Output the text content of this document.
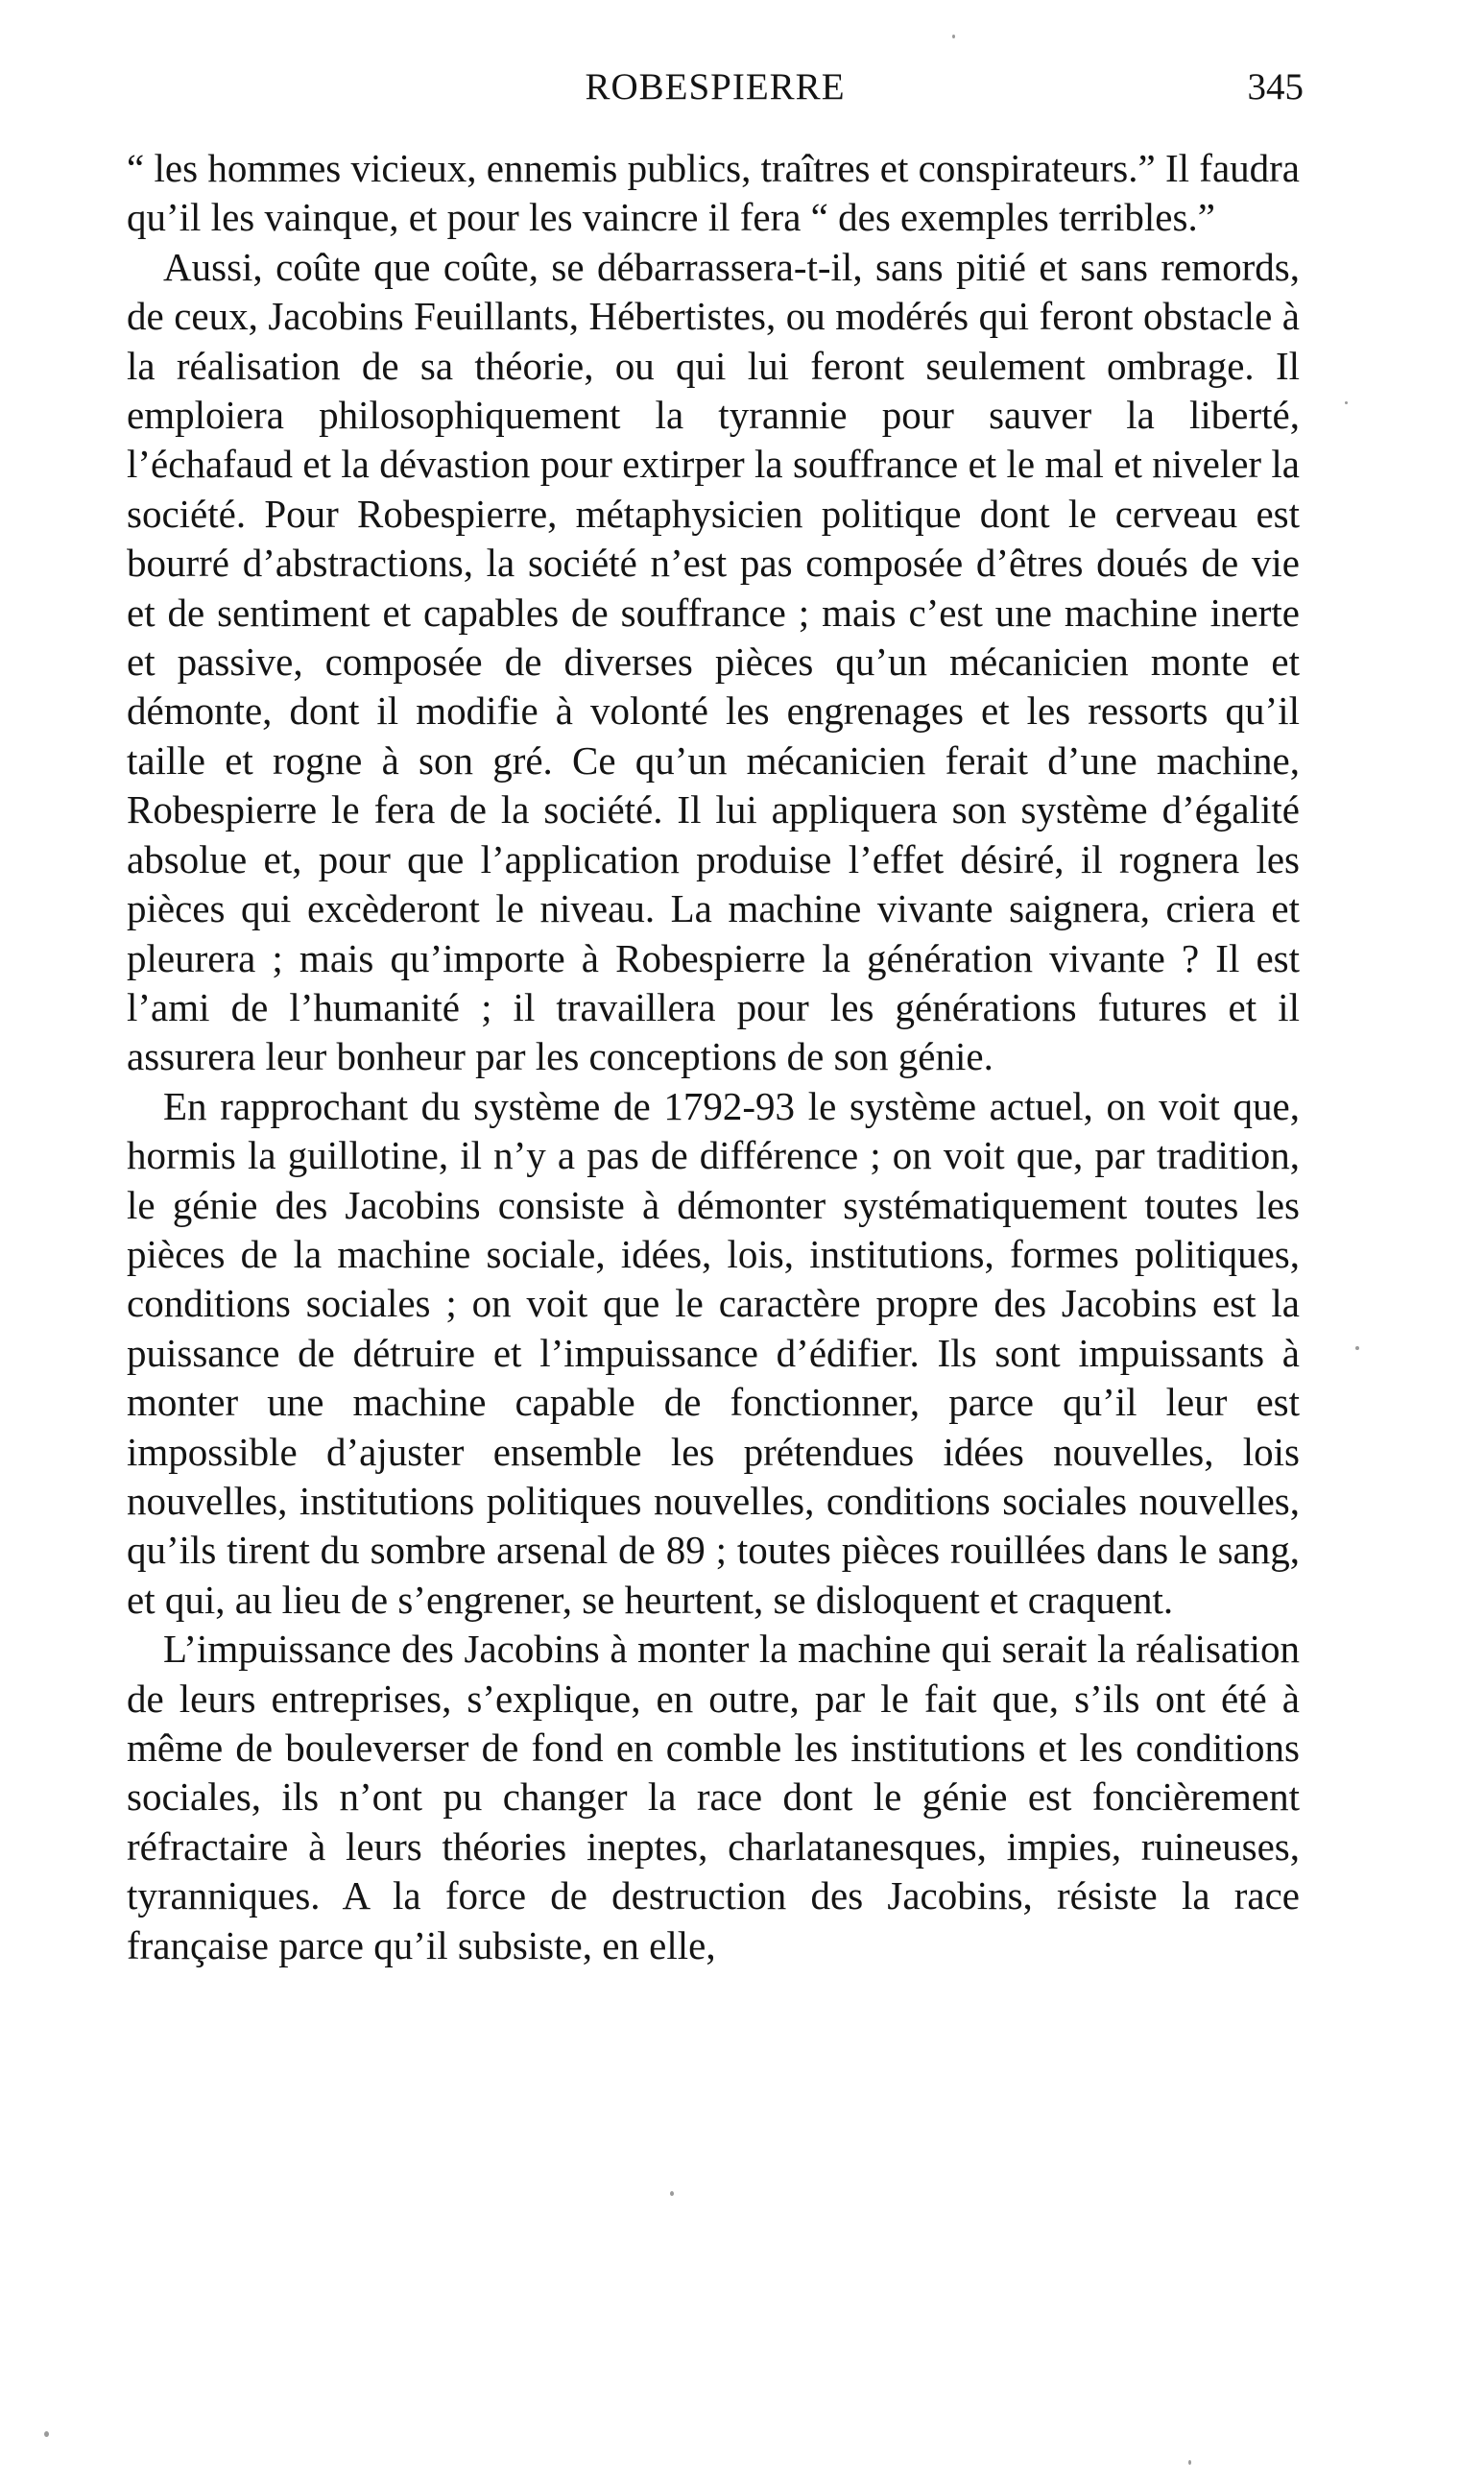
ROBESPIERRE	345

“ les hommes vicieux, ennemis publics, traîtres et conspirateurs.” Il faudra qu’il les vainque, et pour les vaincre il fera “ des exemples terribles.”

Aussi, coûte que coûte, se débarrassera-t-il, sans pitié et sans remords, de ceux, Jacobins Feuillants, Hébertistes, ou modérés qui feront obstacle à la réalisation de sa théorie, ou qui lui feront seulement ombrage. Il emploiera philosophiquement la tyrannie pour sauver la liberté, l’échafaud et la dévastion pour extirper la souffrance et le mal et niveler la société. Pour Robespierre, métaphysicien politique dont le cerveau est bourré d’abstractions, la société n’est pas composée d’êtres doués de vie et de sentiment et capables de souffrance ; mais c’est une machine inerte et passive, composée de diverses pièces qu’un mécanicien monte et démonte, dont il modifie à volonté les engrenages et les ressorts qu’il taille et rogne à son gré. Ce qu’un mécanicien ferait d’une machine, Robespierre le fera de la société. Il lui appliquera son système d’égalité absolue et, pour que l’application produise l’effet désiré, il rognera les pièces qui excèderont le niveau. La machine vivante saignera, criera et pleurera ; mais qu’importe à Robespierre la génération vivante ? Il est l’ami de l’humanité ; il travaillera pour les générations futures et il assurera leur bonheur par les conceptions de son génie.

En rapprochant du système de 1792-93 le système actuel, on voit que, hormis la guillotine, il n’y a pas de différence ; on voit que, par tradition, le génie des Jacobins consiste à démonter systématiquement toutes les pièces de la machine sociale, idées, lois, institutions, formes politiques, conditions sociales ; on voit que le caractère propre des Jacobins est la puissance de détruire et l’impuissance d’édifier. Ils sont impuissants à monter une machine capable de fonctionner, parce qu’il leur est impossible d’ajuster ensemble les prétendues idées nouvelles, lois nouvelles, institutions politiques nouvelles, conditions sociales nouvelles, qu’ils tirent du sombre arsenal de 89 ; toutes pièces rouillées dans le sang, et qui, au lieu de s’engrener, se heurtent, se disloquent et craquent.

L’impuissance des Jacobins à monter la machine qui serait la réalisation de leurs entreprises, s’explique, en outre, par le fait que, s’ils ont été à même de bouleverser de fond en comble les institutions et les conditions sociales, ils n’ont pu changer la race dont le génie est foncièrement réfractaire à leurs théories ineptes, charlatanesques, impies, ruineuses, tyranniques. A la force de destruction des Jacobins, résiste la race française parce qu’il subsiste, en elle,
